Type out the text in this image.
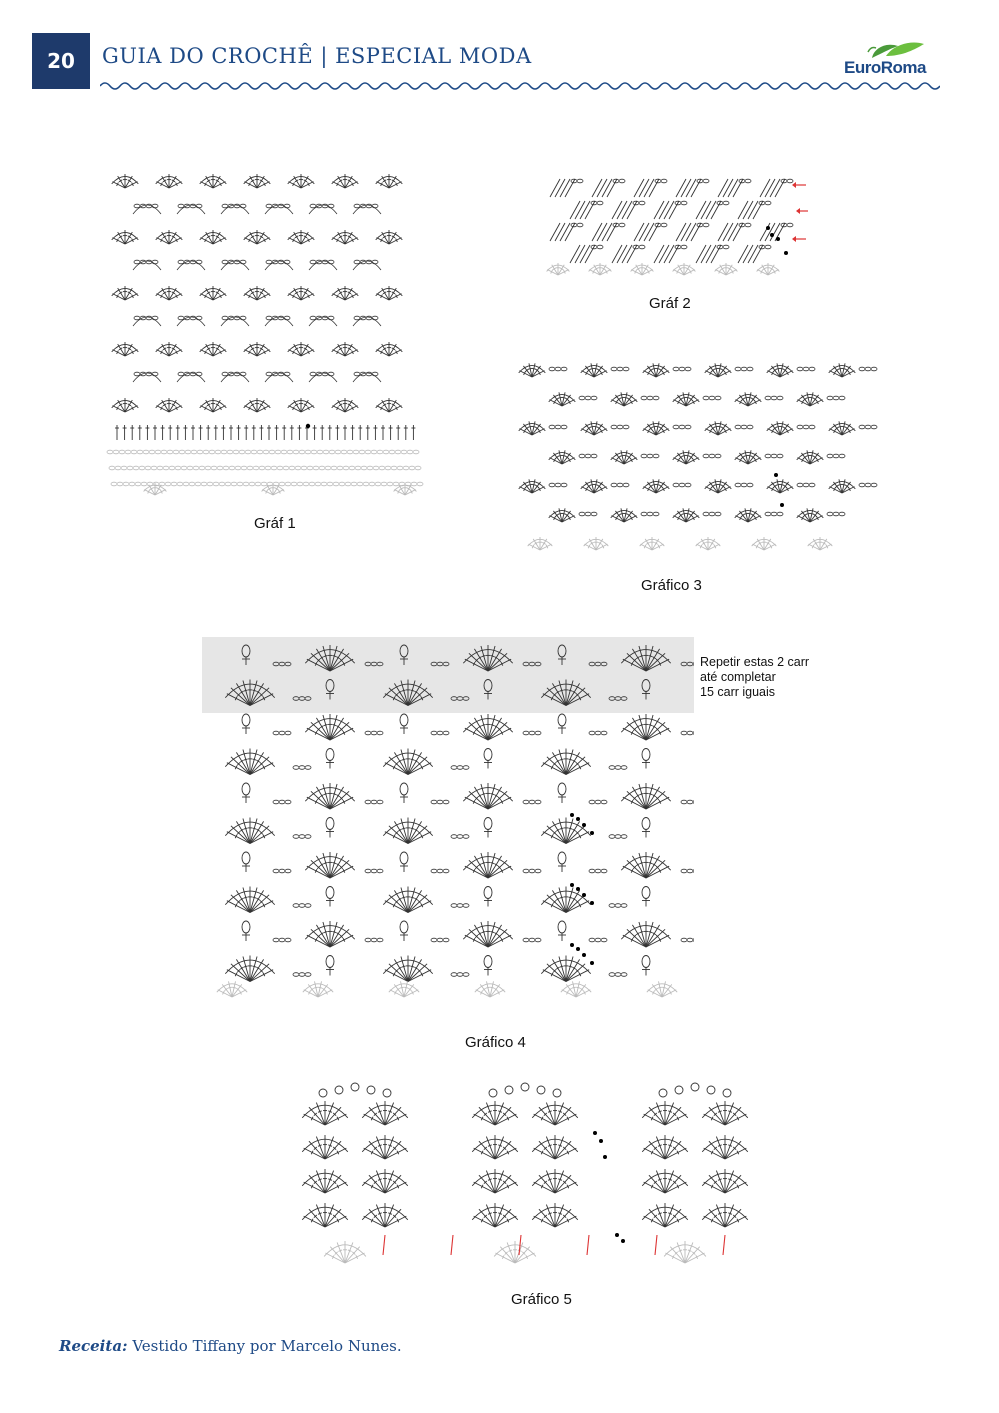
20 GUIA DO CROCHÊ | ESPECIAL MODA	EuroRoma
Gráf 1
Gráf 2
Gráfico 3
Repetir estas 2 carr
até completar
15 carr iguais
Gráfico 4
Gráfico 5
Receita: Vestido Tiffany por Marcelo Nunes.
